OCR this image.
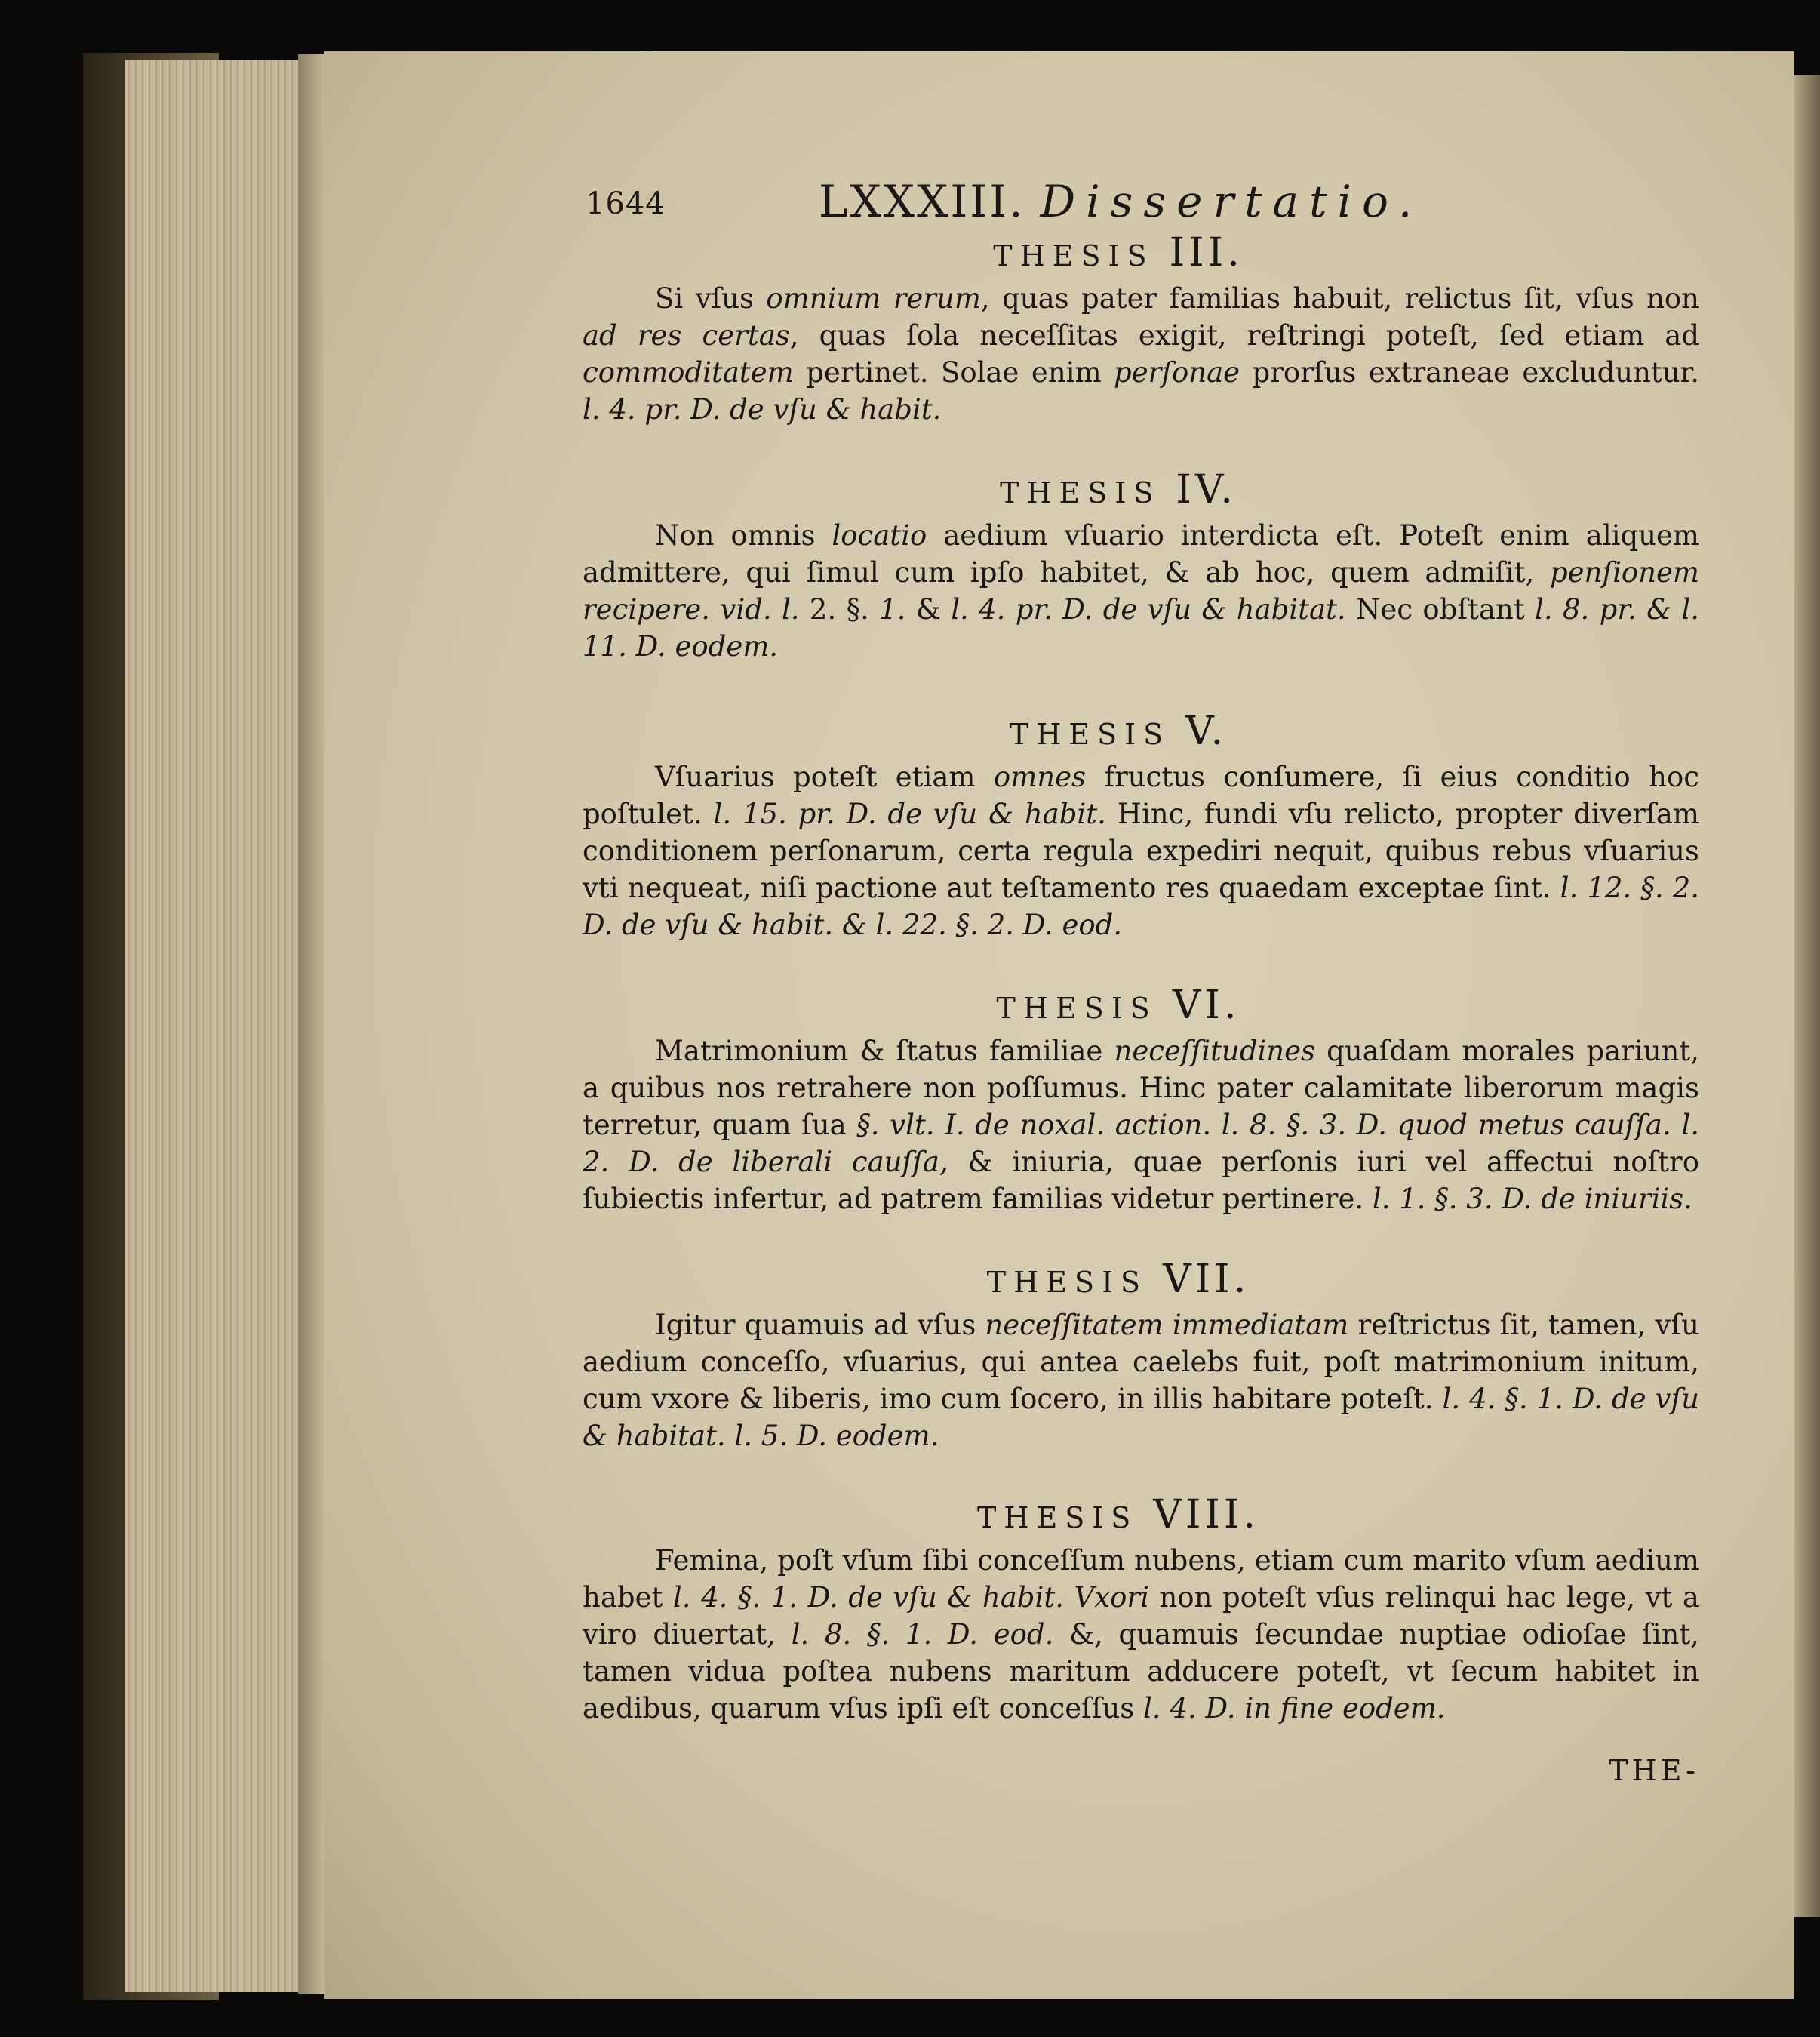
1644	LXXXIII. Dissertatio.
THESIS III.

Si vſus omnium rerum, quas pater familias habuit, relictus ſit, vſus non ad res certas, quas ſola neceſſitas exigit, reſtringi poteſt, ſed etiam ad commoditatem pertinet. Solae enim perſonae prorſus extraneae excluduntur. l. 4. pr. D. de vſu & habit.

THESIS IV.

Non omnis locatio aedium vſuario interdicta eſt. Poteſt enim aliquem admittere, qui ſimul cum ipſo habitet, & ab hoc, quem admiſit, penſionem recipere. vid. l. 2. §. 1. & l. 4. pr. D. de vſu & habitat. Nec obſtant l. 8. pr. & l. 11. D. eodem.

THESIS V.

Vſuarius poteſt etiam omnes fructus conſumere, ſi eius conditio hoc poſtulet. l. 15. pr. D. de vſu & habit. Hinc, fundi vſu relicto, propter diverſam conditionem perſonarum, certa regula expediri nequit, quibus rebus vſuarius vti nequeat, niſi pactione aut teſtamento res quaedam exceptae ſint. l. 12. §. 2. D. de vſu & habit. & l. 22. §. 2. D. eod.

THESIS VI.

Matrimonium & ſtatus familiae neceſſitudines quaſdam morales pariunt, a quibus nos retrahere non poſſumus. Hinc pater calamitate liberorum magis terretur, quam ſua §. vlt. I. de noxal. action. l. 8. §. 3. D. quod metus cauſſa. l. 2. D. de liberali cauſſa, & iniuria, quae perſonis iuri vel affectui noſtro ſubiectis infertur, ad patrem familias videtur pertinere. l. 1. §. 3. D. de iniuriis.

THESIS VII.

Igitur quamuis ad vſus neceſſitatem immediatam reſtrictus ſit, tamen, vſu aedium conceſſo, vſuarius, qui antea caelebs fuit, poſt matrimonium initum, cum vxore & liberis, imo cum ſocero, in illis habitare poteſt. l. 4. §. 1. D. de vſu & habitat. l. 5. D. eodem.

THESIS VIII.

Femina, poſt vſum ſibi conceſſum nubens, etiam cum marito vſum aedium habet l. 4. §. 1. D. de vſu & habit. Vxori non poteſt vſus relinqui hac lege, vt a viro diuertat, l. 8. §. 1. D. eod. &, quamuis ſecundae nuptiae odioſae ſint, tamen vidua poſtea nubens maritum adducere poteſt, vt ſecum habitet in aedibus, quarum vſus ipſi eſt conceſſus l. 4. D. in fine eodem.

THE-
